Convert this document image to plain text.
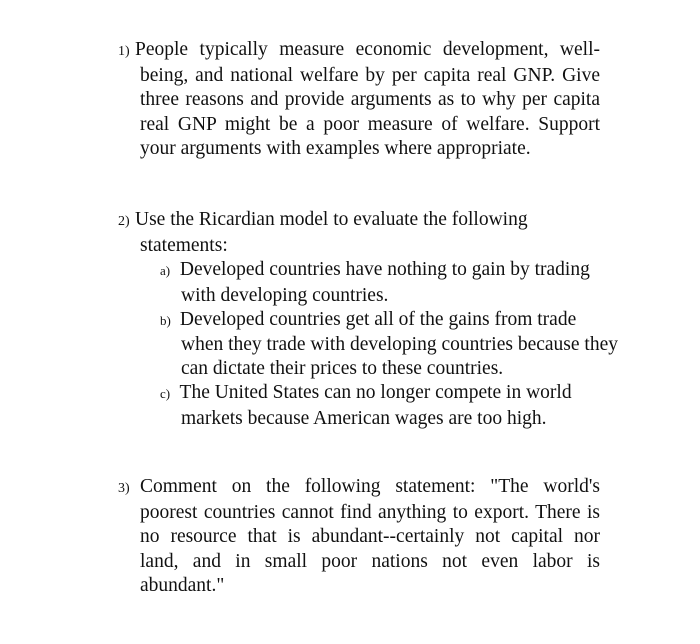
1) People typically measure economic development, well-being, and national welfare by per capita real GNP. Give three reasons and provide arguments as to why per capita real GNP might be a poor measure of welfare. Support your arguments with examples where appropriate.
2) Use the Ricardian model to evaluate the following statements:
a) Developed countries have nothing to gain by trading with developing countries.
b) Developed countries get all of the gains from trade when they trade with developing countries because they can dictate their prices to these countries.
c) The United States can no longer compete in world markets because American wages are too high.
3) Comment on the following statement: "The world's poorest countries cannot find anything to export. There is no resource that is abundant--certainly not capital nor land, and in small poor nations not even labor is abundant."
